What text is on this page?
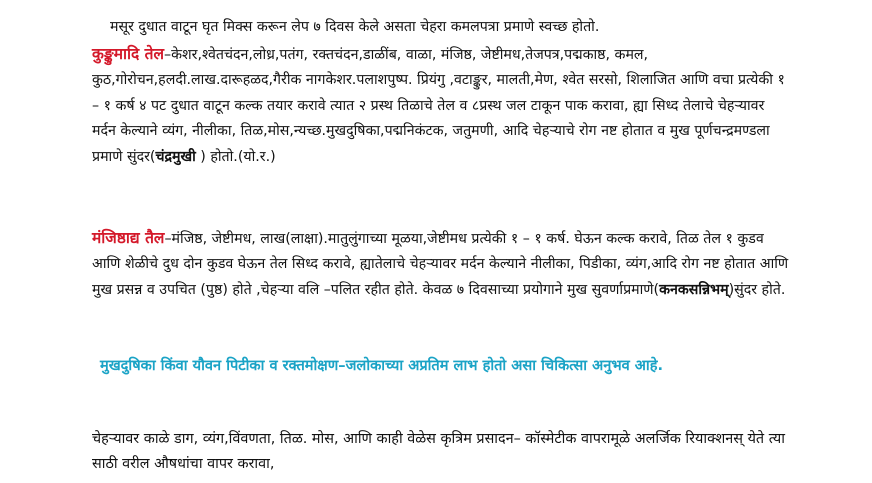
मसूर दुधात वाटून घृत मिक्स करून लेप ७ दिवस केले असता चेहरा कमलपत्रा प्रमाणे स्वच्छ होतो.
कुङ्कुमादि तेल–केशर,श्वेतचंदन,लोध्र,पतंग, रक्तचंदन,डाळींब, वाळा, मंजिष्ठ, जेष्टीमध,तेजपत्र,पद्मकाष्ठ, कमल, कुठ,गोरोचन,हलदी.लाख.दारूहळद,गैरीक नागकेशर.पलाशपुष्प. प्रियंगु ,वटाङ्कुर, मालती,मेण, श्वेत सरसो, शिलाजित आणि वचा प्रत्येकी १ – १ कर्ष ४ पट दुधात वाटून कल्क तयार करावे त्यात २ प्रस्थ तिळाचे तेल व ८प्रस्थ जल टाकून पाक करावा, ह्या सिध्द तेलाचे चेहऱ्यावर मर्दन केल्याने व्यंग, नीलीका, तिळ,मोस,न्यच्छ.मुखदुषिका,पद्मनिकंटक, जतुमणी, आदि चेहऱ्याचे रोग नष्ट होतात व मुख पूर्णचन्द्रमण्डला प्रमाणे सुंदर(चंद्रमुखी ) होतो.(यो.र.)
मंजिष्ठाद्य तैल–मंजिष्ठ, जेष्टीमध, लाख(लाक्षा).मातुलुंगाच्या मूळया,जेष्टीमध प्रत्येकी १ – १ कर्ष. घेऊन कल्क करावे, तिळ तेल १ कुडव आणि शेळीचे दुध दोन कुडव घेऊन तेल सिध्द करावे, ह्यातेलाचे चेहऱ्यावर मर्दन केल्याने नीलीका, पिडीका, व्यंग,आदि रोग नष्ट होतात आणि मुख प्रसन्न व उपचित (पुष्ठ) होते ,चेहऱ्या वलि –पलित रहीत होते. केवळ ७ दिवसाच्या प्रयोगाने मुख सुवर्णाप्रमाणे(कनकसन्निभम्)सुंदर होते.
मुखदुषिका किंवा यौवन पिटीका व रक्तमोक्षण–जलोकाच्या अप्रतिम लाभ होतो असा चिकित्सा अनुभव आहे.
चेहऱ्यावर काळे डाग, व्यंग,विंवणता, तिळ. मोस, आणि काही वेळेस कृत्रिम प्रसादन– कॉस्मेटीक वापरामूळे अलर्जिक रियाक्शनस् येते त्या साठी वरील औषधांचा वापर करावा,
